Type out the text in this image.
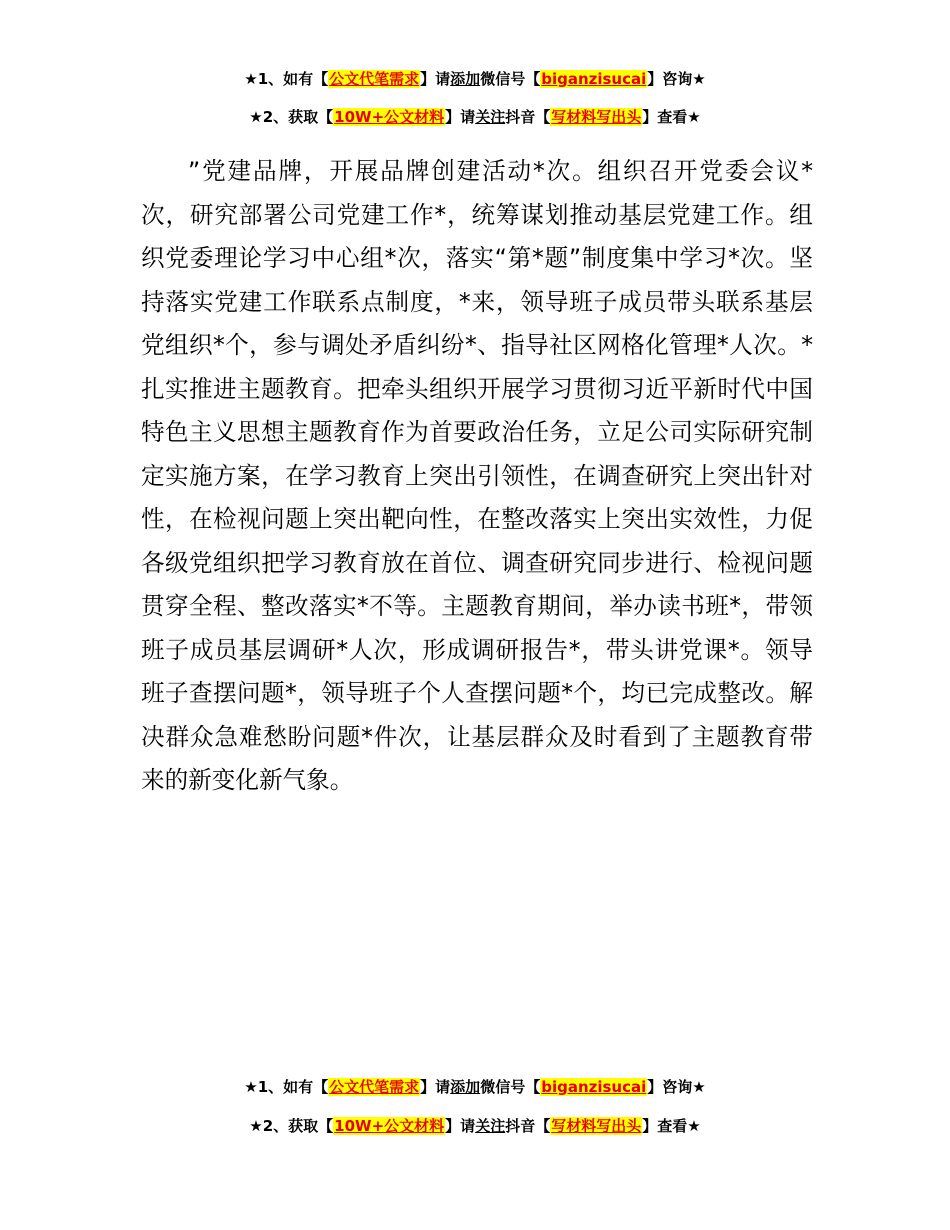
★1、如有【公文代笔需求】请添加微信号【biganzisucai】咨询★
★2、获取【10W+公文材料】请关注抖音【写材料写出头】查看★

”党建品牌，开展品牌创建活动*次。组织召开党委会议*次，研究部署公司党建工作*，统筹谋划推动基层党建工作。组织党委理论学习中心组*次，落实“第*题”制度集中学习*次。坚持落实党建工作联系点制度，*来，领导班子成员带头联系基层党组织*个，参与调处矛盾纠纷*、指导社区网格化管理*人次。*扎实推进主题教育。把牵头组织开展学习贯彻习近平新时代中国特色主义思想主题教育作为首要政治任务，立足公司实际研究制定实施方案，在学习教育上突出引领性，在调查研究上突出针对性，在检视问题上突出靶向性，在整改落实上突出实效性，力促各级党组织把学习教育放在首位、调查研究同步进行、检视问题贯穿全程、整改落实*不等。主题教育期间，举办读书班*，带领班子成员基层调研*人次，形成调研报告*，带头讲党课*。领导班子查摆问题*，领导班子个人查摆问题*个，均已完成整改。解决群众急难愁盼问题*件次，让基层群众及时看到了主题教育带来的新变化新气象。

★1、如有【公文代笔需求】请添加微信号【biganzisucai】咨询★
★2、获取【10W+公文材料】请关注抖音【写材料写出头】查看★
